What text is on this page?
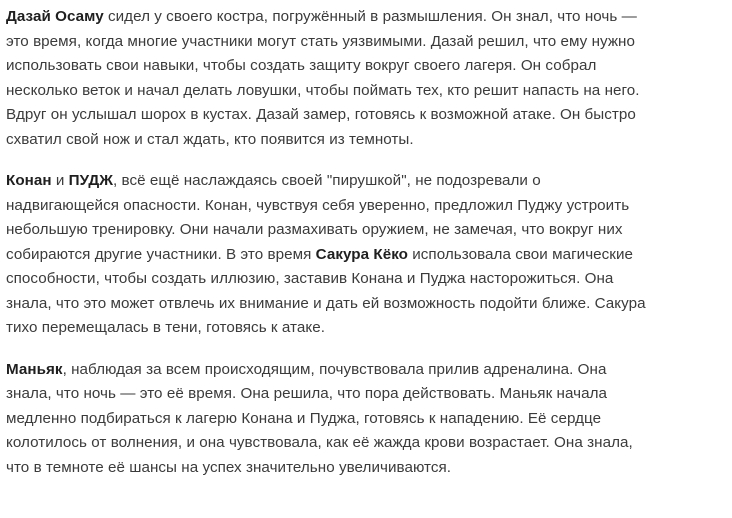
Дазай Осаму сидел у своего костра, погружённый в размышления. Он знал, что ночь — это время, когда многие участники могут стать уязвимыми. Дазай решил, что ему нужно использовать свои навыки, чтобы создать защиту вокруг своего лагеря. Он собрал несколько веток и начал делать ловушки, чтобы поймать тех, кто решит напасть на него. Вдруг он услышал шорох в кустах. Дазай замер, готовясь к возможной атаке. Он быстро схватил свой нож и стал ждать, кто появится из темноты.

Конан и ПУДЖ, всё ещё наслаждаясь своей "пирушкой", не подозревали о надвигающейся опасности. Конан, чувствуя себя уверенно, предложил Пуджу устроить небольшую тренировку. Они начали размахивать оружием, не замечая, что вокруг них собираются другие участники. В это время Сакура Кёко использовала свои магические способности, чтобы создать иллюзию, заставив Конана и Пуджа насторожиться. Она знала, что это может отвлечь их внимание и дать ей возможность подойти ближе. Сакура тихо перемещалась в тени, готовясь к атаке.

Маньяк, наблюдая за всем происходящим, почувствовала прилив адреналина. Она знала, что ночь — это её время. Она решила, что пора действовать. Маньяк начала медленно подбираться к лагерю Конана и Пуджа, готовясь к нападению. Её сердце колотилось от волнения, и она чувствовала, как её жажда крови возрастает. Она знала, что в темноте её шансы на успех значительно увеличиваются.
